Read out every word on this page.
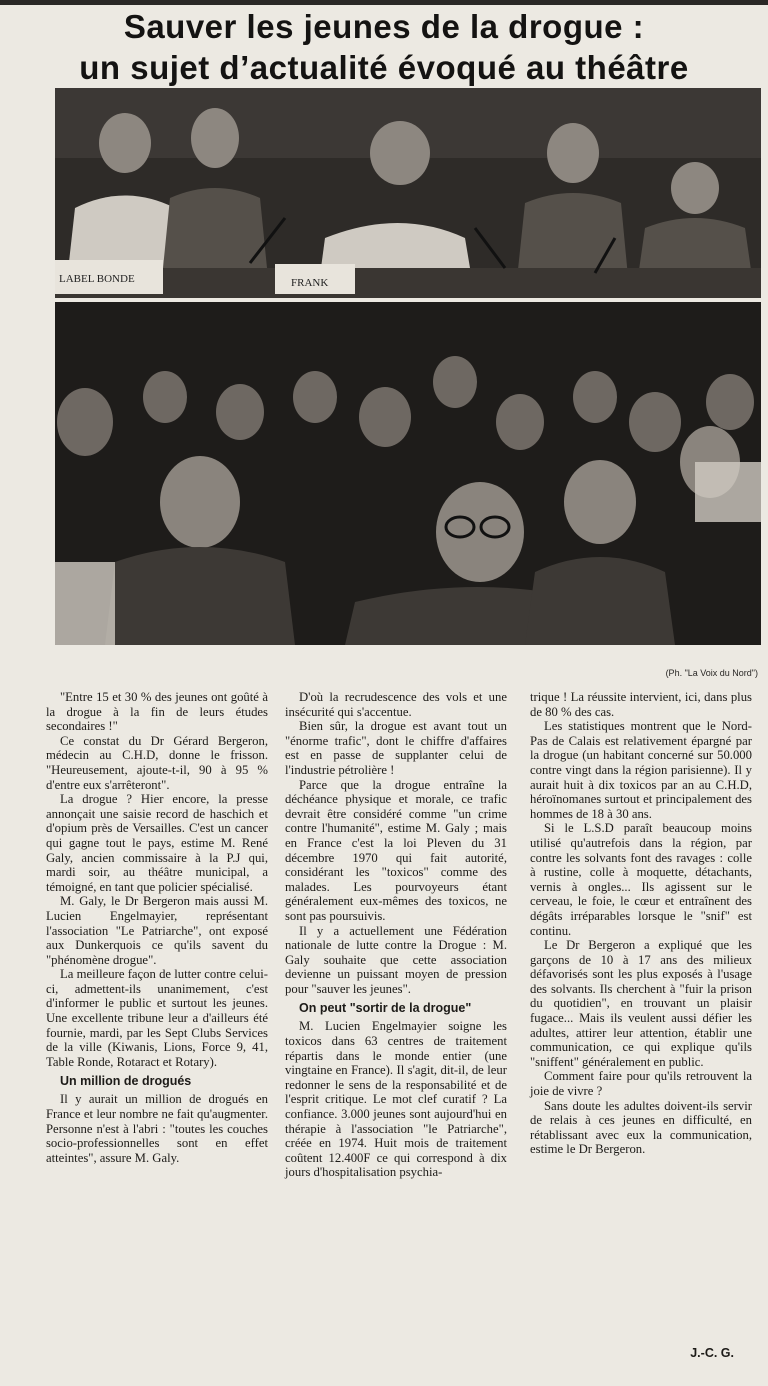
Sauver les jeunes de la drogue :
un sujet d’actualité évoqué au théâtre
LABEL BONDE	FRANK
(Ph. "La Voix du Nord")

"Entre 15 et 30 % des jeunes ont goûté à la drogue à la fin de leurs études secondaires !"

Ce constat du Dr Gérard Bergeron, médecin au C.H.D, donne le frisson. "Heureusement, ajoute-t-il, 90 à 95 % d'entre eux s'arrêteront".

La drogue ? Hier encore, la presse annonçait une saisie record de haschich et d'opium près de Versailles. C'est un cancer qui gagne tout le pays, estime M. René Galy, ancien commissaire à la P.J qui, mardi soir, au théâtre municipal, a témoigné, en tant que policier spécialisé.

M. Galy, le Dr Bergeron mais aussi M. Lucien Engelmayier, représentant l'association "Le Patriarche", ont exposé aux Dunkerquois ce qu'ils savent du "phénomène drogue".

La meilleure façon de lutter contre celui-ci, admettent-ils unanimement, c'est d'informer le public et surtout les jeunes. Une excellente tribune leur a d'ailleurs été fournie, mardi, par les Sept Clubs Services de la ville (Kiwanis, Lions, Force 9, 41, Table Ronde, Rotaract et Rotary).

Un million de drogués

Il y aurait un million de drogués en France et leur nombre ne fait qu'augmenter. Personne n'est à l'abri : "toutes les couches socio-professionnelles sont en effet atteintes", assure M. Galy.

D'où la recrudescence des vols et une insécurité qui s'accentue.

Bien sûr, la drogue est avant tout un "énorme trafic", dont le chiffre d'affaires est en passe de supplanter celui de l'industrie pétrolière !

Parce que la drogue entraîne la déchéance physique et morale, ce trafic devrait être considéré comme "un crime contre l'humanité", estime M. Galy ; mais en France c'est la loi Pleven du 31 décembre 1970 qui fait autorité, considérant les "toxicos" comme des malades. Les pourvoyeurs étant généralement eux-mêmes des toxicos, ne sont pas poursuivis.

Il y a actuellement une Fédération nationale de lutte contre la Drogue : M. Galy souhaite que cette association devienne un puissant moyen de pression pour "sauver les jeunes".

On peut "sortir de la drogue"

M. Lucien Engelmayier soigne les toxicos dans 63 centres de traitement répartis dans le monde entier (une vingtaine en France). Il s'agit, dit-il, de leur redonner le sens de la responsabilité et de l'esprit critique. Le mot clef curatif ? La confiance. 3.000 jeunes sont aujourd'hui en thérapie à l'association "le Patriarche", créée en 1974. Huit mois de traitement coûtent 12.400F ce qui correspond à dix jours d'hospitalisation psychia-

trique ! La réussite intervient, ici, dans plus de 80 % des cas.

Les statistiques montrent que le Nord-Pas de Calais est relativement épargné par la drogue (un habitant concerné sur 50.000 contre vingt dans la région parisienne). Il y aurait huit à dix toxicos par an au C.H.D, héroïnomanes surtout et principalement des hommes de 18 à 30 ans.

Si le L.S.D paraît beaucoup moins utilisé qu'autrefois dans la région, par contre les solvants font des ravages : colle à rustine, colle à moquette, détachants, vernis à ongles... Ils agissent sur le cerveau, le foie, le cœur et entraînent des dégâts irréparables lorsque le "snif" est continu.

Le Dr Bergeron a expliqué que les garçons de 10 à 17 ans des milieux défavorisés sont les plus exposés à l'usage des solvants. Ils cherchent à "fuir la prison du quotidien", en trouvant un plaisir fugace... Mais ils veulent aussi défier les adultes, attirer leur attention, établir une communication, ce qui explique qu'ils "sniffent" généralement en public.

Comment faire pour qu'ils retrouvent la joie de vivre ?

Sans doute les adultes doivent-ils servir de relais à ces jeunes en difficulté, en rétablissant avec eux la communication, estime le Dr Bergeron.

J.-C. G.
